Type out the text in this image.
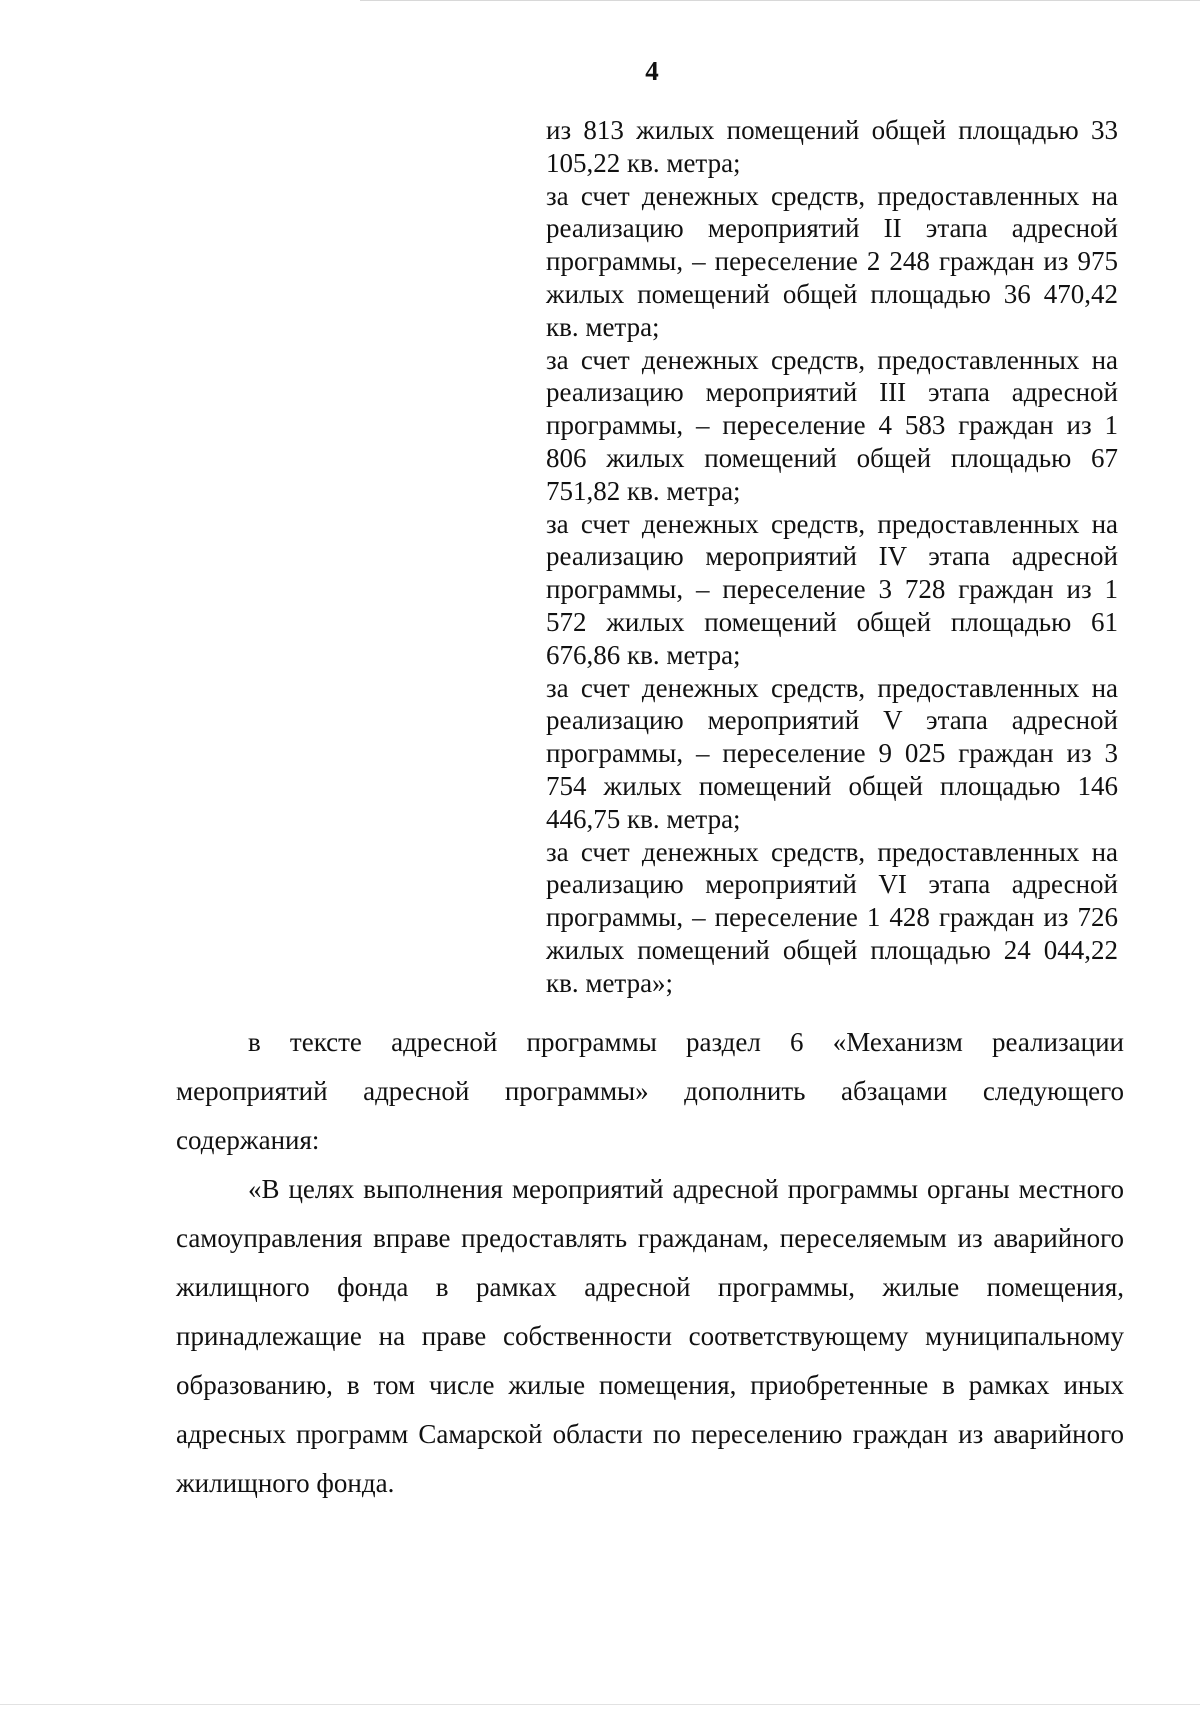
4

из 813 жилых помещений общей площадью 33 105,22 кв. метра;

за счет денежных средств, предоставленных на реализацию мероприятий II этапа адресной программы, – переселение 2 248 граждан из 975 жилых помещений общей площадью 36 470,42 кв. метра;

за счет денежных средств, предоставленных на реализацию мероприятий III этапа адресной программы, – переселение 4 583 граждан из 1 806 жилых помещений общей площадью 67 751,82 кв. метра;

за счет денежных средств, предоставленных на реализацию мероприятий IV этапа адресной программы, – переселение 3 728 граждан из 1 572 жилых помещений общей площадью 61 676,86 кв. метра;

за счет денежных средств, предоставленных на реализацию мероприятий V этапа адресной программы, – переселение 9 025 граждан из 3 754 жилых помещений общей площадью 146 446,75 кв. метра;

за счет денежных средств, предоставленных на реализацию мероприятий VI этапа адресной программы, – переселение 1 428 граждан из 726 жилых помещений общей площадью 24 044,22 кв. метра»;

в тексте адресной программы раздел 6 «Механизм реализации мероприятий адресной программы» дополнить абзацами следующего содержания:

«В целях выполнения мероприятий адресной программы органы местного самоуправления вправе предоставлять гражданам, переселяемым из аварийного жилищного фонда в рамках адресной программы, жилые помещения, принадлежащие на праве собственности соответствующему муниципальному образованию, в том числе жилые помещения, приобретенные в рамках иных адресных программ Самарской области по переселению граждан из аварийного жилищного фонда.
